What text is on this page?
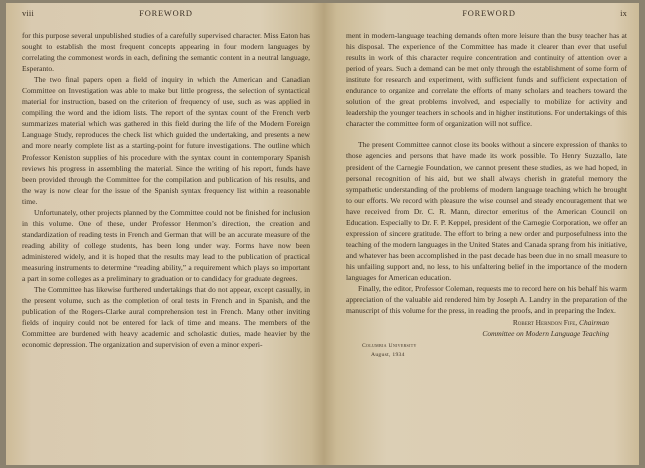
viii	FOREWORD

for this purpose several unpublished studies of a carefully supervised character. Miss Eaton has sought to establish the most frequent concepts appearing in four modern languages by correlating the commonest words in each, defining the semantic content in a neutral language, Esperanto.

The two final papers open a field of inquiry in which the American and Canadian Committee on Investigation was able to make but little progress, the selection of syntactical material for instruction, based on the criterion of frequency of use, such as was applied in compiling the word and the idiom lists. The report of the syntax count of the French verb summarizes material which was gathered in this field during the life of the Modern Foreign Language Study, reproduces the check list which guided the undertaking, and presents a new and more nearly complete list as a starting-point for future investigations. The outline which Professor Keniston supplies of his procedure with the syntax count in contemporary Spanish reviews his progress in assembling the material. Since the writing of his report, funds have been provided through the Committee for the compilation and publication of his results, and the way is now clear for the issue of the Spanish syntax frequency list within a reasonable time.

Unfortunately, other projects planned by the Committee could not be finished for inclusion in this volume. One of these, under Professor Henmon’s direction, the creation and standardization of reading tests in French and German that will be an accurate measure of the reading ability of college students, has been long under way. Forms have now been administered widely, and it is hoped that the results may lead to the publication of practical measuring instruments to determine “reading ability,” a requirement which plays so important a part in some colleges as a preliminary to graduation or to candidacy for graduate degrees.

The Committee has likewise furthered undertakings that do not appear, except casually, in the present volume, such as the completion of oral tests in French and in Spanish, and the publication of the Rogers-Clarke aural comprehension test in French. Many other inviting fields of inquiry could not be entered for lack of time and means. The members of the Committee are burdened with heavy academic and scholastic duties, made heavier by the economic depression. The organization and supervision of even a minor experi-

FOREWORD	ix

ment in modern-language teaching demands often more leisure than the busy teacher has at his disposal. The experience of the Committee has made it clearer than ever that useful results in work of this character require concentration and continuity of attention over a period of years. Such a demand can be met only through the establishment of some form of institute for research and experiment, with sufficient funds and sufficient expectation of endurance to organize and correlate the efforts of many scholars and teachers toward the solution of the great problems involved, and especially to mobilize for activity and leadership the younger teachers in schools and in higher institutions. For undertakings of this character the committee form of organization will not suffice.

The present Committee cannot close its books without a sincere expression of thanks to those agencies and persons that have made its work possible. To Henry Suzzallo, late president of the Carnegie Foundation, we cannot present these studies, as we had hoped, in personal recognition of his aid, but we shall always cherish in grateful memory the sympathetic understanding of the problems of modern language teaching which he brought to our efforts. We record with pleasure the wise counsel and steady encouragement that we have received from Dr. C. R. Mann, director emeritus of the American Council on Education. Especially to Dr. F. P. Keppel, president of the Carnegie Corporation, we offer an expression of sincere gratitude. The effort to bring a new order and purposefulness into the teaching of the modern languages in the United States and Canada sprang from his initiative, and whatever has been accomplished in the past decade has been due in no small measure to his unfailing support and, no less, to his unfaltering belief in the importance of the modern languages for American education.

Finally, the editor, Professor Coleman, requests me to record here on his behalf his warm appreciation of the valuable aid rendered him by Joseph A. Landry in the preparation of the manuscript of this volume for the press, in reading the proofs, and in preparing the Index.

Robert Herndon Fife, Chairman
Committee on Modern Language Teaching
Columbia University
August, 1934
